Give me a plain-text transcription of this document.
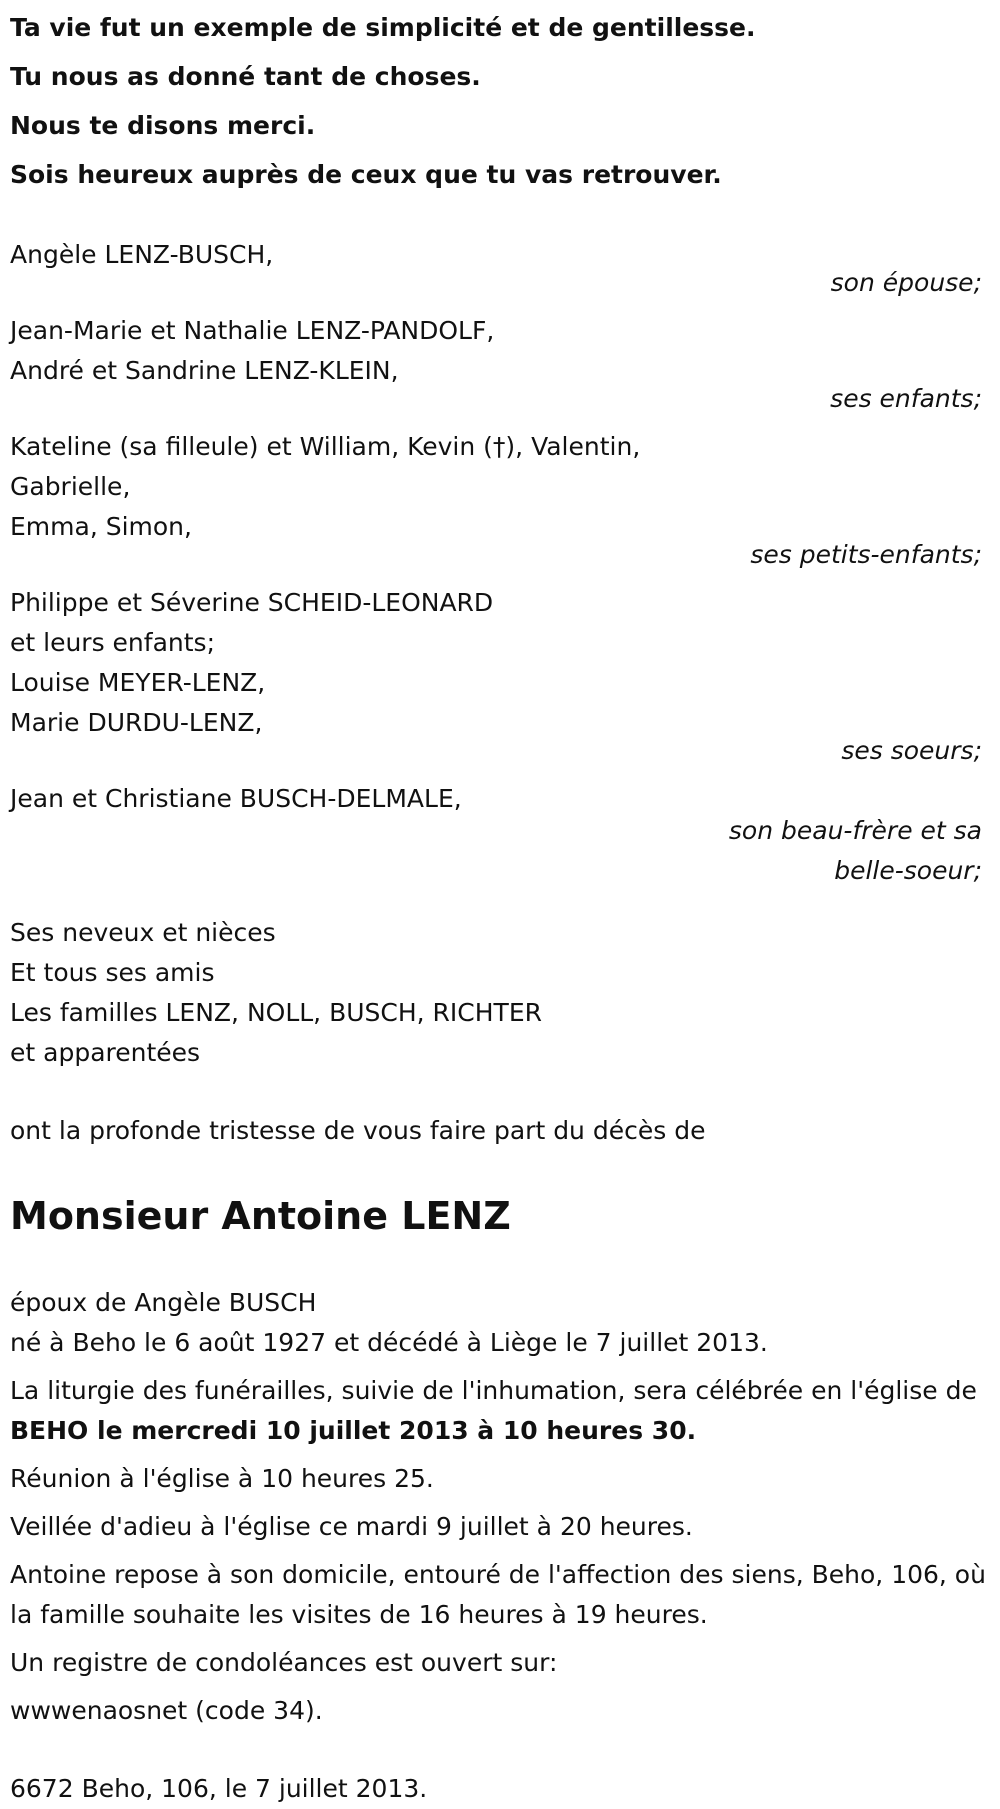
Ta vie fut un exemple de simplicité et de gentillesse.

Tu nous as donné tant de choses.

Nous te disons merci.

Sois heureux auprès de ceux que tu vas retrouver.

Angèle LENZ-BUSCH,
son épouse;
Jean-Marie et Nathalie LENZ-PANDOLF,
André et Sandrine LENZ-KLEIN,
ses enfants;
Kateline (sa filleule) et William, Kevin (†), Valentin,
Gabrielle,
Emma, Simon,
ses petits-enfants;
Philippe et Séverine SCHEID-LEONARD
et leurs enfants;
Louise MEYER-LENZ,
Marie DURDU-LENZ,
ses soeurs;
Jean et Christiane BUSCH-DELMALE,
son beau-frère et sa
belle-soeur;
Ses neveux et nièces
Et tous ses amis
Les familles LENZ, NOLL, BUSCH, RICHTER
et apparentées
ont la profonde tristesse de vous faire part du décès de
Monsieur Antoine LENZ
époux de Angèle BUSCH
né à Beho le 6 août 1927 et décédé à Liège le 7 juillet 2013.
La liturgie des funérailles, suivie de l'inhumation, sera célébrée en l'église de BEHO le mercredi 10 juillet 2013 à 10 heures 30.
Réunion à l'église à 10 heures 25.
Veillée d'adieu à l'église ce mardi 9 juillet à 20 heures.
Antoine repose à son domicile, entouré de l'affection des siens, Beho, 106, où la famille souhaite les visites de 16 heures à 19 heures.
Un registre de condoléances est ouvert sur:
wwwenaosnet (code 34).
6672 Beho, 106, le 7 juillet 2013.
